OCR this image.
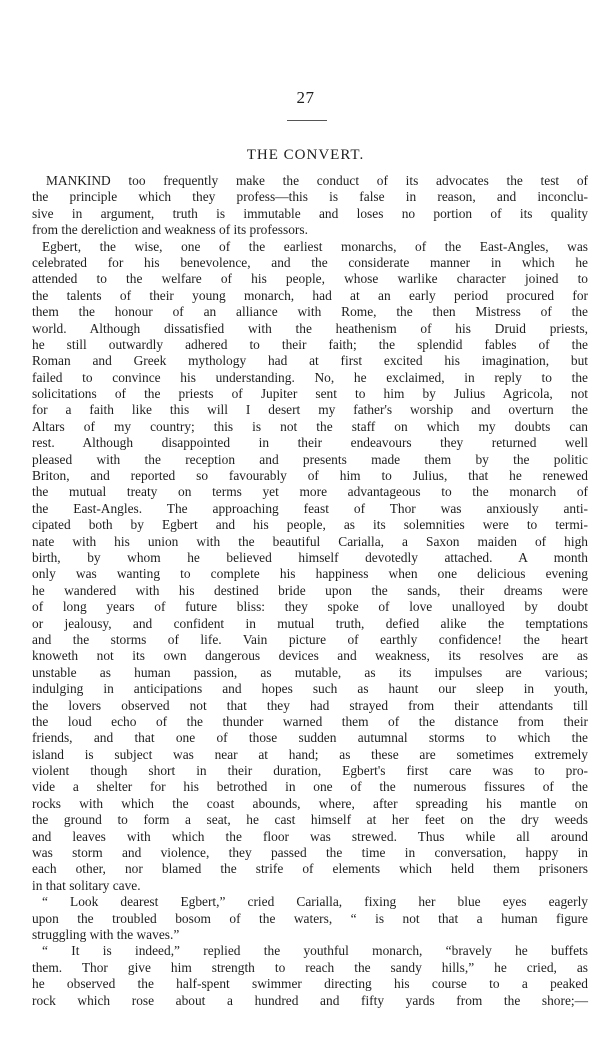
27
THE CONVERT.
MANKIND too frequently make the conduct of its advocates the test of
the principle which they profess—this is false in reason, and inconclu-
sive in argument, truth is immutable and loses no portion of its quality
from the dereliction and weakness of its professors.
Egbert, the wise, one of the earliest monarchs, of the East-Angles, was
celebrated for his benevolence, and the considerate manner in which he
attended to the welfare of his people, whose warlike character joined to
the talents of their young monarch, had at an early period procured for
them the honour of an alliance with Rome, the then Mistress of the
world. Although dissatisfied with the heathenism of his Druid priests,
he still outwardly adhered to their faith; the splendid fables of the
Roman and Greek mythology had at first excited his imagination, but
failed to convince his understanding. No, he exclaimed, in reply to the
solicitations of the priests of Jupiter sent to him by Julius Agricola, not
for a faith like this will I desert my father's worship and overturn the
Altars of my country; this is not the staff on which my doubts can
rest. Although disappointed in their endeavours they returned well
pleased with the reception and presents made them by the politic
Briton, and reported so favourably of him to Julius, that he renewed
the mutual treaty on terms yet more advantageous to the monarch of
the East-Angles. The approaching feast of Thor was anxiously anti-
cipated both by Egbert and his people, as its solemnities were to termi-
nate with his union with the beautiful Carialla, a Saxon maiden of high
birth, by whom he believed himself devotedly attached. A month
only was wanting to complete his happiness when one delicious evening
he wandered with his destined bride upon the sands, their dreams were
of long years of future bliss: they spoke of love unalloyed by doubt
or jealousy, and confident in mutual truth, defied alike the temptations
and the storms of life. Vain picture of earthly confidence! the heart
knoweth not its own dangerous devices and weakness, its resolves are as
unstable as human passion, as mutable, as its impulses are various;
indulging in anticipations and hopes such as haunt our sleep in youth,
the lovers observed not that they had strayed from their attendants till
the loud echo of the thunder warned them of the distance from their
friends, and that one of those sudden autumnal storms to which the
island is subject was near at hand; as these are sometimes extremely
violent though short in their duration, Egbert's first care was to pro-
vide a shelter for his betrothed in one of the numerous fissures of the
rocks with which the coast abounds, where, after spreading his mantle on
the ground to form a seat, he cast himself at her feet on the dry weeds
and leaves with which the floor was strewed. Thus while all around
was storm and violence, they passed the time in conversation, happy in
each other, nor blamed the strife of elements which held them prisoners
in that solitary cave.
“ Look dearest Egbert,” cried Carialla, fixing her blue eyes eagerly
upon the troubled bosom of the waters, “ is not that a human figure
struggling with the waves.”
“ It is indeed,” replied the youthful monarch, “bravely he buffets
them. Thor give him strength to reach the sandy hills,” he cried, as
he observed the half-spent swimmer directing his course to a peaked
rock which rose about a hundred and fifty yards from the shore;—
